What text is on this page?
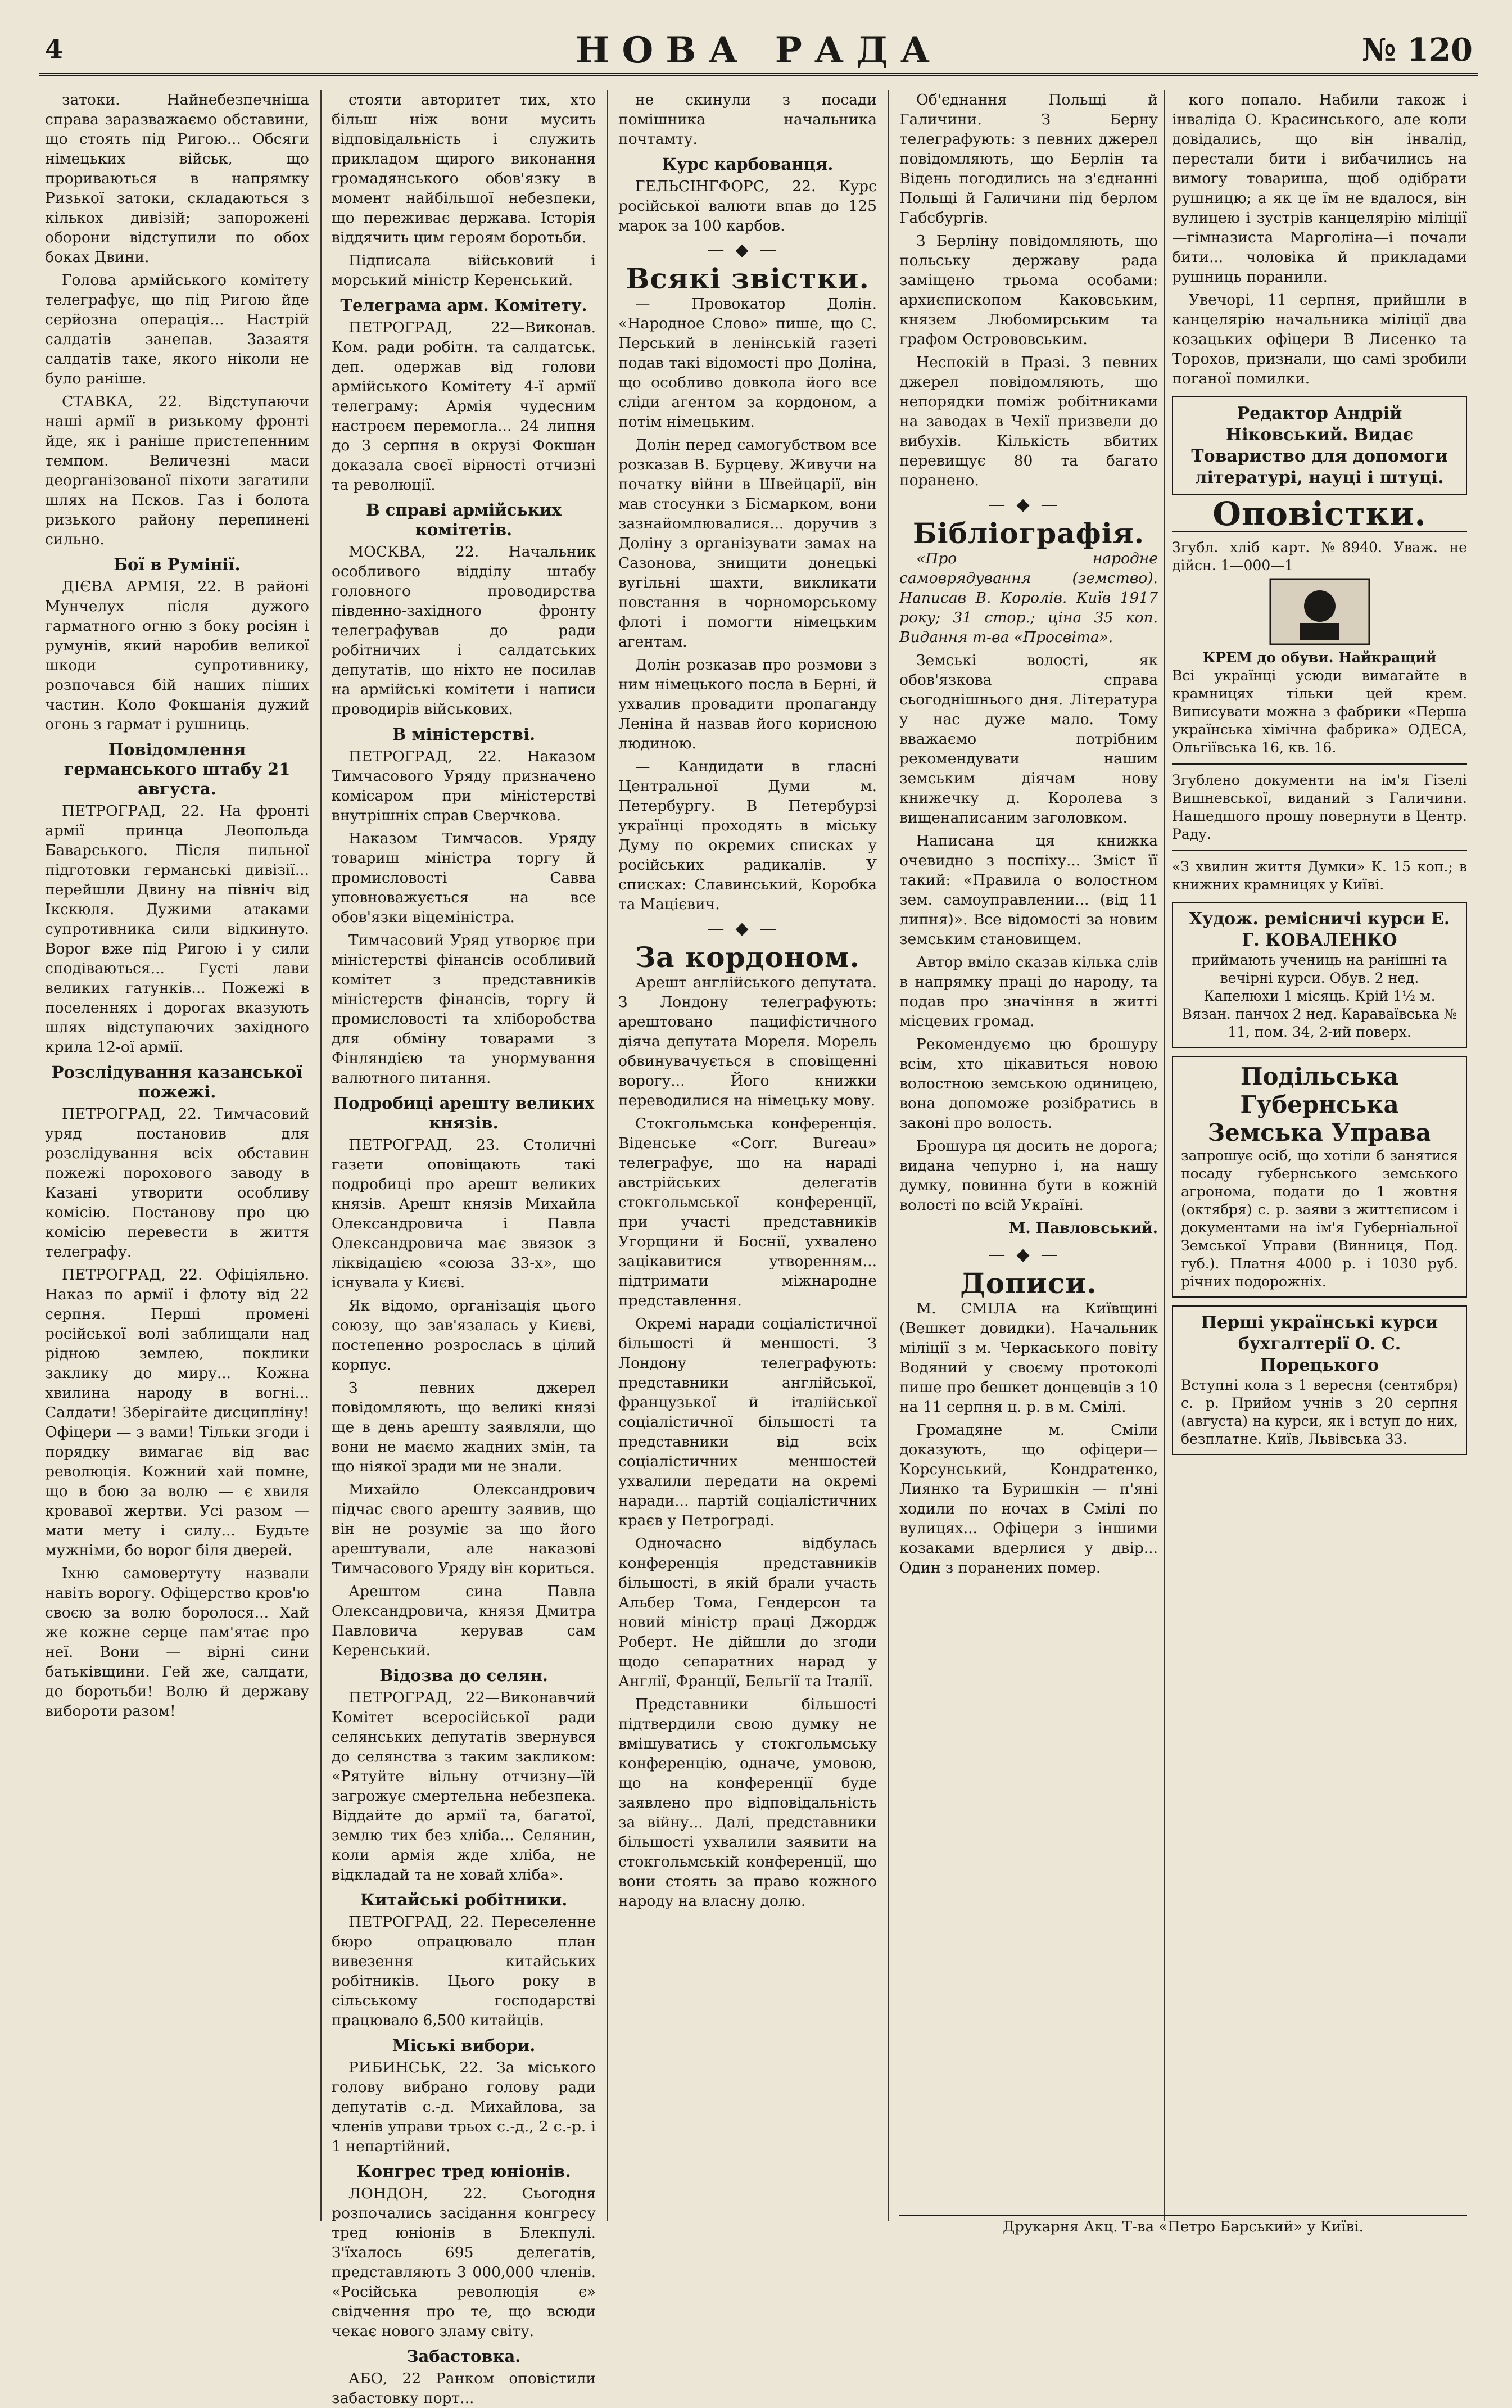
4	НОВА РАДА	№ 120

затоки. Найнебезпечніша справа заразважаємо обставини, що стоять під Ригою... Обсяги німецьких військ, що прориваються в напрямку Ризької затоки, складаються з кількох дивізій; запорожені оборони відступили по обох боках Двини.

Голова армійського комітету телеграфує, що під Ригою йде серйозна операція... Настрій салдатів занепав. Зазаятя салдатів таке, якого ніколи не було раніше.

СТАВКА, 22. Відступаючи наші армії в ризькому фронті йде, як і раніше пристепенним темпом. Величезні маси деорганізованої піхоти загатили шлях на Псков. Газ і болота ризького району перепинені сильно.

Бої в Румінії.

ДІЄВА АРМІЯ, 22. В районі Мунчелух після дужого гарматного огню з боку росіян і румунів, який наробив великої шкоди супротивнику, розпочався бій наших піших частин. Коло Фокшанія дужий огонь з гармат і рушниць.

Повідомлення германського штабу 21 августа.

ПЕТРОГРАД, 22. На фронті армії принца Леопольда Баварського. Після пильної підготовки германські дивізії... перейшли Двину на північ від Ікскюля. Дужими атаками супротивника сили відкинуто. Ворог вже під Ригою і у сили сподіваються... Густі лави великих гатунків... Пожежі в поселеннях і дорогах вказують шлях відступаючих західного крила 12-ої армії.

Розслідування казанської пожежі.

ПЕТРОГРАД, 22. Тимчасовий уряд постановив для розслідування всіх обставин пожежі порохового заводу в Казані утворити особливу комісію. Постанову про цю комісію перевести в життя телеграфу.

ПЕТРОГРАД, 22. Офіціяльно. Наказ по армії і флоту від 22 серпня. Перші промені російської волі заблищали над рідною землею, поклики заклику до миру... Кожна хвилина народу в вогні... Салдати! Зберігайте дисципліну! Офіцери — з вами! Тільки згоди і порядку вимагає від вас революція. Кожний хай помне, що в бою за волю — є хвиля кровавої жертви. Усі разом — мати мету і силу... Будьте мужніми, бо ворог біля дверей.

Іхню самовертуту назвали навіть ворогу. Офіцерство кров'ю своєю за волю боролося... Хай же кожне серце пам'ятає про неї. Вони — вірні сини батьківщини. Гей же, салдати, до боротьби! Волю й державу вибороти разом!

стояти авторитет тих, хто більш ніж вони мусить відповідальність і служить прикладом щирого виконання громадянського обов'язку в момент найбільшої небезпеки, що переживає держава. Історія віддячить цим героям боротьби.

Підписала військовий і морський міністр Керенський.

Телеграма арм. Комітету.

ПЕТРОГРАД, 22—Виконав. Ком. ради робітн. та салдатськ. деп. одержав від голови армійського Комітету 4-ї армії телеграму: Армія чудесним настроєм перемогла... 24 липня до 3 серпня в окрузі Фокшан доказала своєї вірності отчизні та революції.

В справі армійських комітетів.

МОСКВА, 22. Начальник особливого відділу штабу головного проводирства південно-західного фронту телеграфував до ради робітничих і салдатських депутатів, що ніхто не посилав на армійські комітети і написи проводирів військових.

В міністерстві.

ПЕТРОГРАД, 22. Наказом Тимчасового Уряду призначено комісаром при міністерстві внутрішніх справ Сверчкова.

Наказом Тимчасов. Уряду товариш міністра торгу й промисловості Савва уповноважується на все обов'язки віцеміністра.

Тимчасовий Уряд утворює при міністерстві фінансів особливий комітет з представників міністерств фінансів, торгу й промисловості та хліборобства для обміну товарами з Фінляндією та унормування валютного питання.

Подробиці арешту великих князів.

ПЕТРОГРАД, 23. Столичні газети оповіщають такі подробиці про арешт великих князів. Арешт князів Михайла Олександровича і Павла Олександровича має звязок з ліквідацією «союза 33-х», що існувала у Києві.

Як відомо, організація цього союзу, що зав'язалась у Києві, постепенно розрослась в цілий корпус.

З певних джерел повідомляють, що великі князі ще в день арешту заявляли, що вони не маємо жадних змін, та що ніякої зради ми не знали.

Михайло Олександрович підчас свого арешту заявив, що він не розуміє за що його арештували, але наказові Тимчасового Уряду він кориться.

Арештом сина Павла Олександровича, князя Дмитра Павловича керував сам Керенський.

Відозва до селян.

ПЕТРОГРАД, 22—Виконавчий Комітет всеросійської ради селянських депутатів звернувся до селянства з таким закликом: «Рятуйте вільну отчизну—їй загрожує смертельна небезпека. Віддайте до армії та, багатої, землю тих без хліба... Селянин, коли армія жде хліба, не відкладай та не ховай хліба».

Китайські робітники.

ПЕТРОГРАД, 22. Переселенне бюро опрацювало план вивезення китайських робітників. Цього року в сільському господарстві працювало 6,500 китайців.

Міські вибори.

РИБИНСЬК, 22. За міського голову вибрано голову ради депутатів с.-д. Михайлова, за членів управи трьох с.-д., 2 с.-р. і 1 непартійний.

Конгрес тред юніонів.

ЛОНДОН, 22. Сьогодня розпочались засідання конгресу тред юніонів в Блекпулі. З'їхалось 695 делегатів, представляють 3 000,000 членів. «Російська революція є» свідчення про те, що всюди чекає нового зламу світу.

Забастовка.

АБО, 22 Ранком оповістили забастовку порт...

не скинули з посади помішника начальника почтамту.

Курс карбованця.

ГЕЛЬСІНГФОРС, 22. Курс російської валюти впав до 125 марок за 100 карбов.

—◆—
Всякі звістки.

— Провокатор Долін. «Народное Слово» пише, що С. Перський в ленінській газеті подав такі відомості про Доліна, що особливо довкола його все сліди агентом за кордоном, а потім німецьким.

Долін перед самогубством все розказав В. Бурцеву. Живучи на початку війни в Швейцарії, він мав стосунки з Бісмарком, вони зазнайомлювалися... доручив з Доліну з організувати замах на Сазонова, знищити донецькі вугільні шахти, викликати повстання в чорноморському флоті і помогти німецьким агентам.

Долін розказав про розмови з ним німецького посла в Берні, й ухвалив провадити пропаганду Леніна й назвав його корисною людиною.

— Кандидати в гласні Центральної Думи м. Петербургу. В Петербурзі українці проходять в міську Думу по окремих списках у російських радикалів. У списках: Славинський, Коробка та Мацієвич.

—◆—
За кордоном.

Арешт англійського депутата. З Лондону телеграфують: арештовано пацифістичного діяча депутата Мореля. Морель обвинувачується в сповіщенні ворогу... Його книжки переводилися на німецьку мову.

Стокгольмська конференція. Віденське «Corr. Bureau» телеграфує, що на нараді австрійських делегатів стокгольмської конференції, при участі представників Угорщини й Боснії, ухвалено зацікавитися утворенням... підтримати міжнародне представлення.

Окремі наради соціалістичної більшості й меншості. З Лондону телеграфують: представники англійської, французької й італійської соціалістичної більшості та представники від всіх соціалістичних меншостей ухвалили передати на окремі наради... партій соціалістичних краєв у Петрограді.

Одночасно відбулась конференція представників більшості, в якій брали участь Альбер Тома, Гендерсон та новий міністр праці Джордж Роберт. Не дійшли до згоди щодо сепаратних нарад у Англії, Франції, Бельгії та Італії.

Представники більшості підтвердили свою думку не вмішуватись у стокгольмську конференцію, одначе, умовою, що на конференції буде заявлено про відповідальність за війну... Далі, представники більшості ухвалили заявити на стокгольмській конференції, що вони стоять за право кожного народу на власну долю.

Об'єднання Польщі й Галичини. З Берну телеграфують: з певних джерел повідомляють, що Берлін та Відень погодились на з'єднанні Польщі й Галичини під берлом Габсбургів.

З Берліну повідомляють, що польську державу рада заміщено трьома особами: архиєпископом Каковським, князем Любомирським та графом Острововським.

Неспокій в Празі. З певних джерел повідомляють, що непорядки поміж робітниками на заводах в Чехії призвели до вибухів. Кількість вбитих перевищує 80 та багато поранено.

—◆—
Бібліографія.

«Про народне самоврядування (земство). Написав В. Королів. Київ 1917 року; 31 стор.; ціна 35 коп. Видання т-ва «Просвіта».

Земські волості, як обов'язкова справа сьогоднішнього дня. Література у нас дуже мало. Тому вважаємо потрібним рекомендувати нашим земським діячам нову книжечку д. Королева з вищенаписаним заголовком.

Написана ця книжка очевидно з поспіху... Зміст її такий: «Правила о волостном зем. самоуправлении... (від 11 липня)». Все відомості за новим земським становищем.

Автор вміло сказав кілька слів в напрямку праці до народу, та подав про значіння в житті місцевих громад.

Рекомендуємо цю брошуру всім, хто цікавиться новою волостною земською одиницею, вона допоможе розібратись в законі про волость.

Брошура ця досить не дорога; видана чепурно і, на нашу думку, повинна бути в кожній волості по всій Україні.

М. Павловський.
—◆—
Дописи.

М. СМІЛА на Київщині (Вешкет довидки). Начальник міліції з м. Черкаського повіту Водяний у своєму протоколі пише про бешкет донцевців з 10 на 11 серпня ц. р. в м. Смілі.

Громадяне м. Сміли доказують, що офіцери—Корсунський, Кондратенко, Лиянко та Буришкін — п'яні ходили по ночах в Смілі по вулицях... Офіцери з іншими козаками вдерлися у двір... Один з поранених помер.

кого попало. Набили також і інваліда О. Красинського, але коли довідались, що він інвалід, перестали бити і вибачились на вимогу товариша, щоб одібрати рушницю; а як це їм не вдалося, він вулицею і зустрів канцелярію міліції—гімназиста Марголіна—і почали бити... чоловіка й прикладами рушниць поранили.

Увечорі, 11 серпня, прийшли в канцелярію начальника міліції два козацьких офіцери В Лисенко та Торохов, признали, що самі зробили поганої помилки.

Редактор Андрій Ніковський. Видає Товариство для допомоги літературі, науці і штуці.
Оповістки.
Згубл. хліб карт. №8940. Уваж. не дійсн. 1—000—1
КРЕМ до обуви. Найкращий
Всі українці усюди вимагайте в крамницях тільки цей крем. Виписувати можна з фабрики «Перша українська хімічна фабрика» ОДЕСА, Ольгіївська 16, кв. 16.
Згублено документи на ім'я Гізелі Вишневської, виданий з Галичини. Нашедшого прошу повернути в Центр. Раду.
«З хвилин життя Думки» К. 15 коп.; в книжних крамницях у Київі.
Худож. ремісничі курси Е. Г. КОВАЛЕНКО
приймають учениць на ранішні та вечірні курси. Обув. 2 нед. Капелюхи 1 місяць. Крій 1½ м. Вязан. панчох 2 нед. Караваївська № 11, пом. 34, 2-ий поверх.
Подільська Губернська Земська Управа
запрошує осіб, що хотіли б занятися посаду губернського земського агронома, подати до 1 жовтня (октября) с. р. заяви з життєписом і документами на ім'я Губерніальної Земської Управи (Винниця, Под. губ.). Платня 4000 р. і 1030 руб. річних подорожніх.
Перші українські курси бухгалтерії О. С. Порецького
Вступні кола з 1 вересня (сентября) с. р. Прийом учнів з 20 серпня (августа) на курси, як і вступ до них, безплатне. Київ, Львівська 33.
Друкарня Акц. Т-ва «Петро Барський» у Київі.
